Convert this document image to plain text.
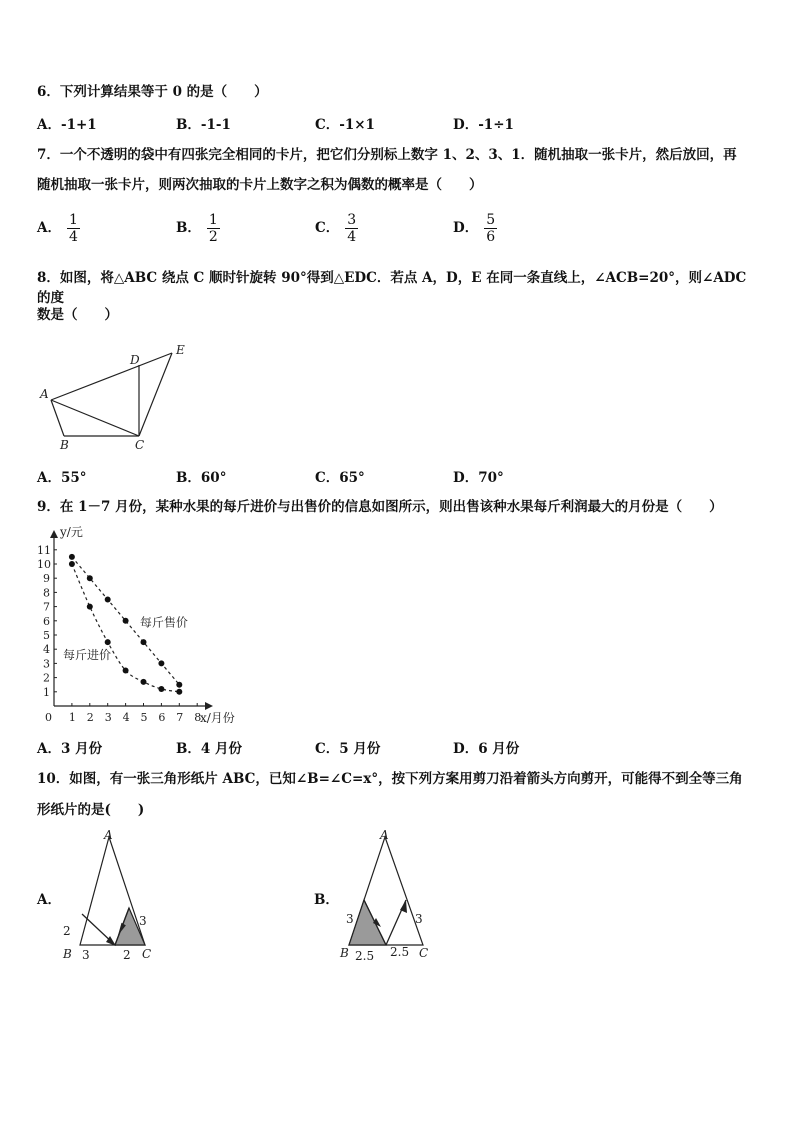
6．下列计算结果等于 0 的是（　　）
A．-1+1	B．-1-1	C．-1×1	D．-1÷1
7．一个不透明的袋中有四张完全相同的卡片，把它们分别标上数字 1、2、3、1．随机抽取一张卡片，然后放回，再
随机抽取一张卡片，则两次抽取的卡片上数字之积为偶数的概率是（　　）
A． $\frac{1}{4}$	B． $\frac{1}{2}$	C． $\frac{3}{4}$	D． $\frac{5}{6}$
8．如图，将△ABC 绕点 C 顺时针旋转 90°得到△EDC．若点 A，D，E 在同一条直线上，∠ACB=20°，则∠ADC 的度
数是（　　）
A
B	C
D
E
A．55°	B．60°	C．65°	D．70°
9．在 1－7 月份，某种水果的每斤进价与出售价的信息如图所示，则出售该种水果每斤利润最大的月份是（　　）
y/元
x/月份
0 1 2 3 4 5 6 7 8
1
2
3
4
5
6
7
8
9
10
11
每斤售价
每斤进价
A．3 月份	B．4 月份	C．5 月份	D．6 月份
10．如图，有一张三角形纸片 ABC，已知∠B=∠C=x°，按下列方案用剪刀沿着箭头方向剪开，可能得不到全等三角
形纸片的是(　　)
A．
A
B	C
2
3	2
3
B．
A
B	C
3
2.5 2.5
3
